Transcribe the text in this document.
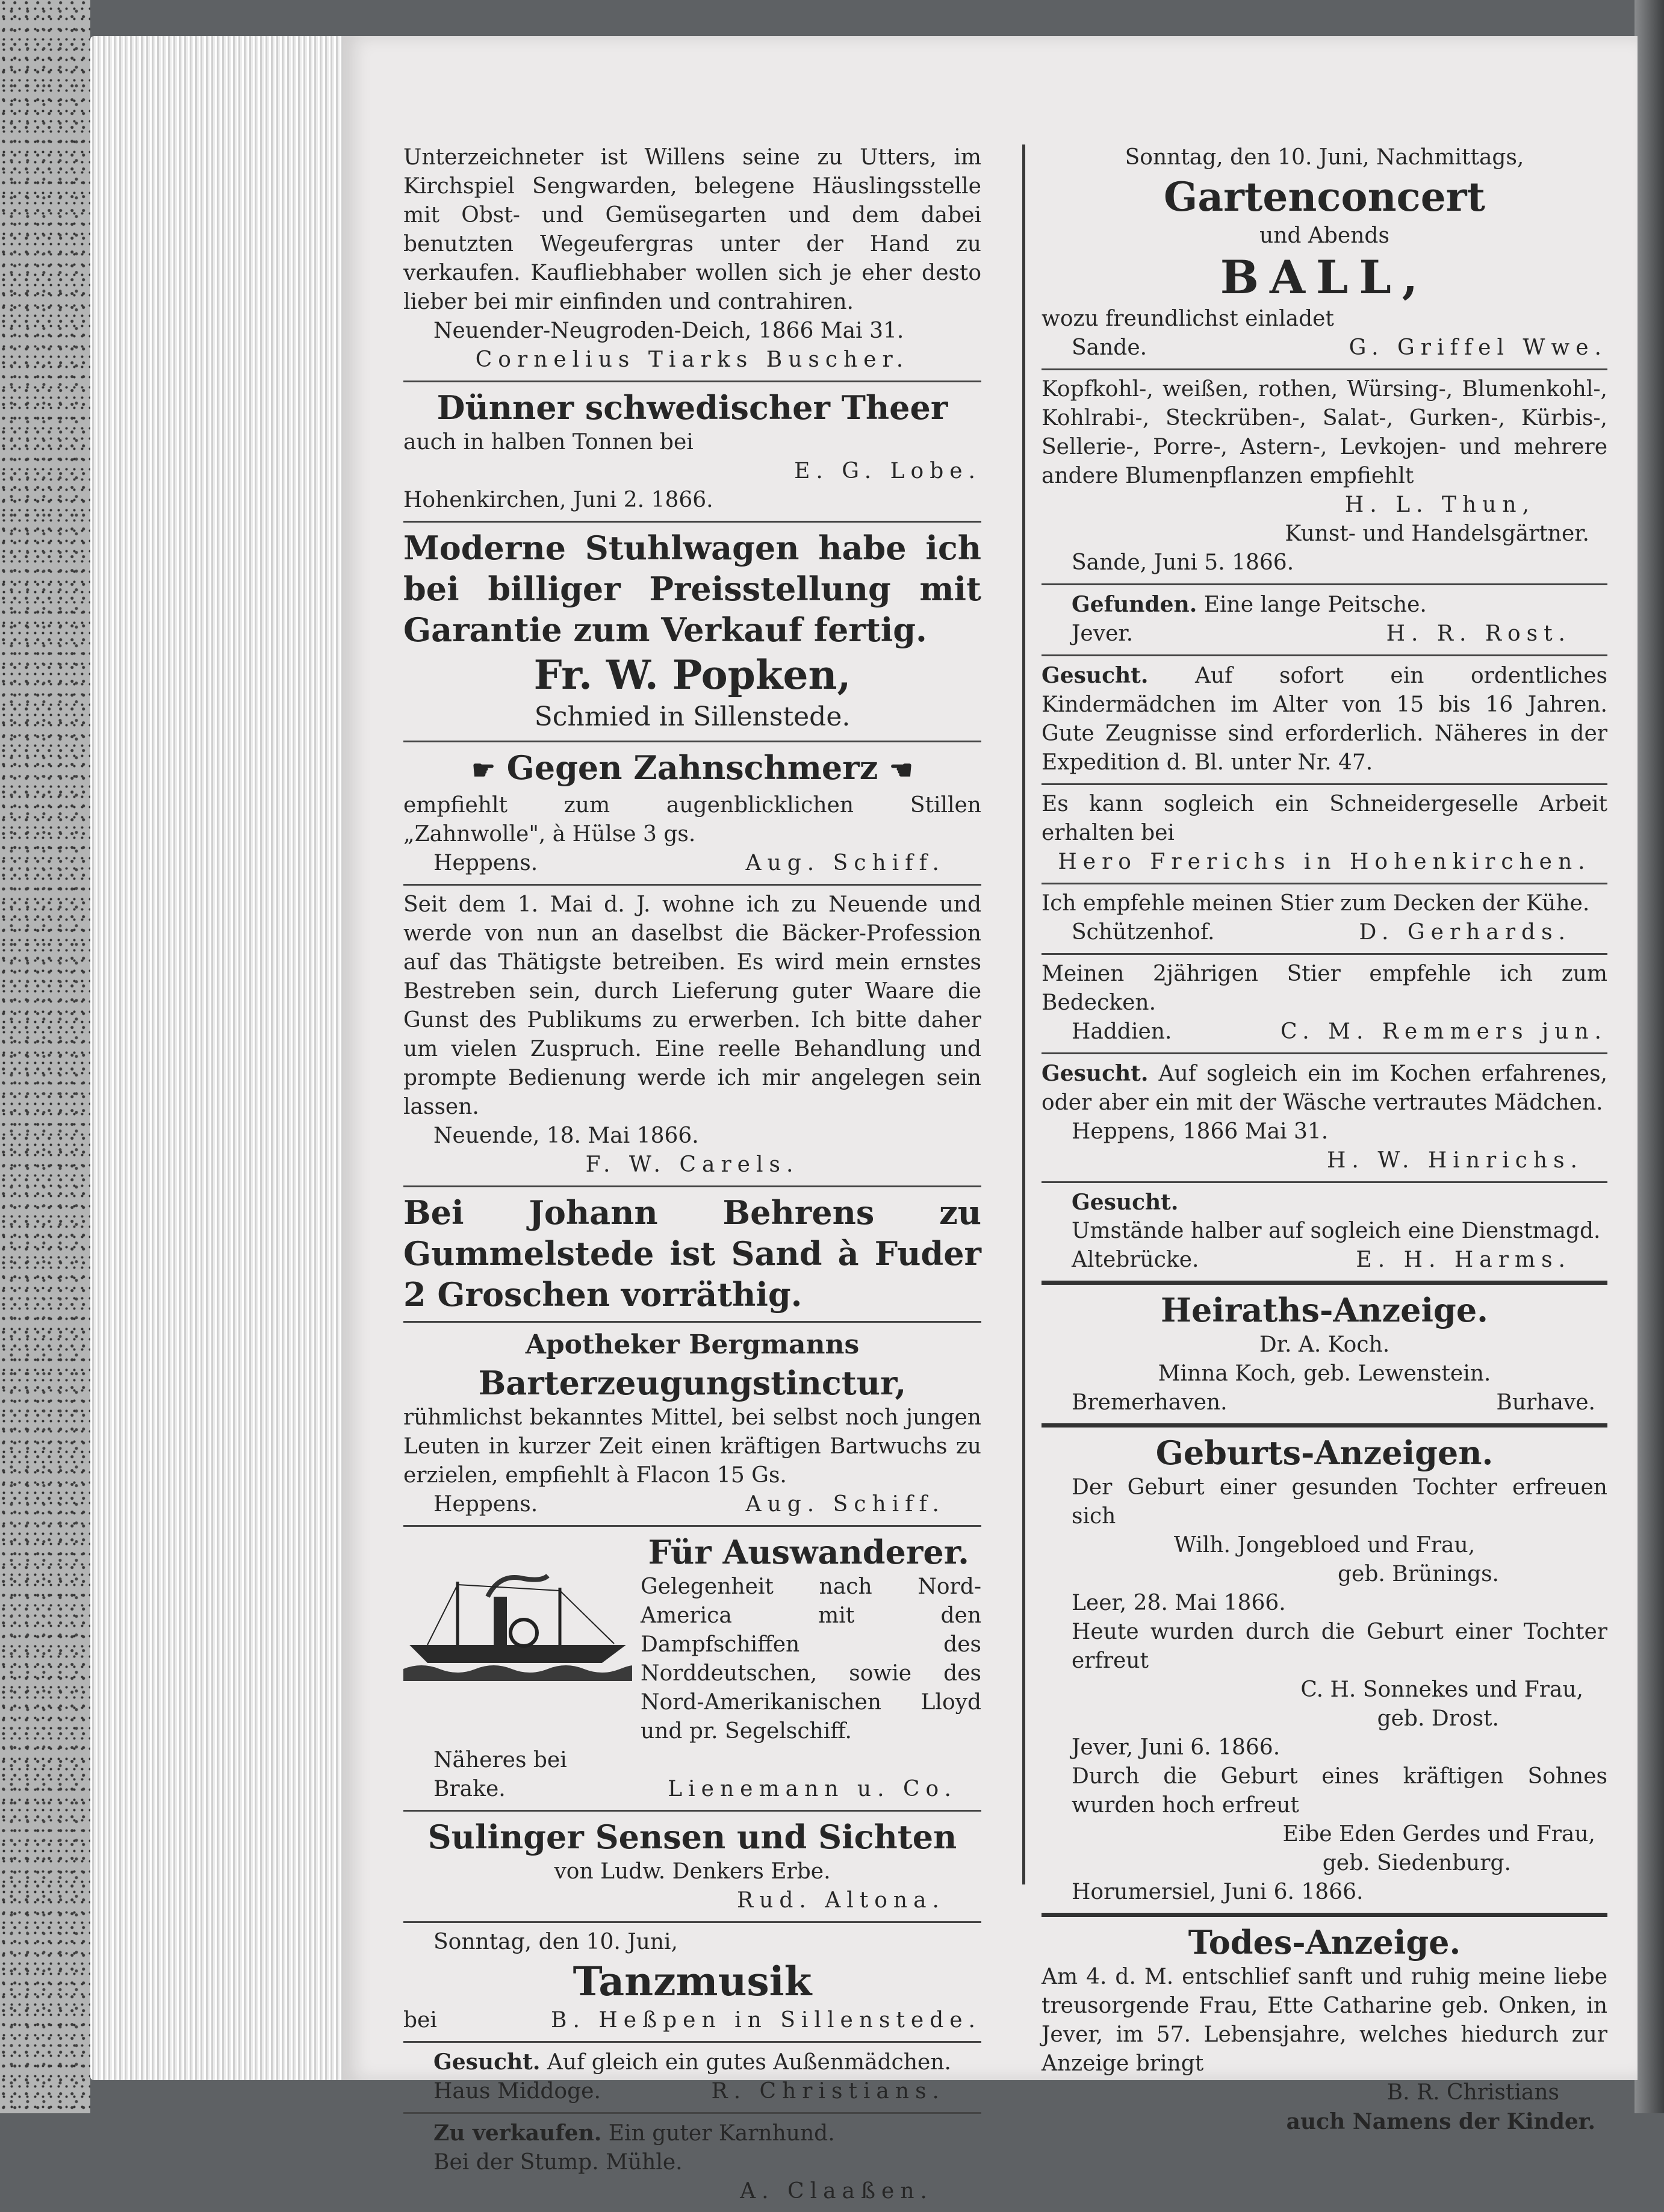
Unterzeichneter ist Willens seine zu Utters, im Kirchspiel Sengwarden, belegene Häuslingsstelle mit Obst- und Gemüsegarten und dem dabei benutzten Wegeufergras unter der Hand zu verkaufen. Kaufliebhaber wollen sich je eher desto lieber bei mir einfinden und contrahiren.

Neuender-Neugroden-Deich, 1866 Mai 31.

Cornelius Tiarks Buscher.

Dünner schwedischer Theer

auch in halben Tonnen bei

E. G. Lobe.

Hohenkirchen, Juni 2. 1866.

Moderne Stuhlwagen habe ich bei billiger Preisstellung mit Garantie zum Verkauf fertig.

Fr. W. Popken,

Schmied in Sillenstede.

☛ Gegen Zahnschmerz ☚

empfiehlt zum augenblicklichen Stillen „Zahnwolle", à Hülse 3 gs.

Heppens.	Aug. Schiff.

Seit dem 1. Mai d. J. wohne ich zu Neuende und werde von nun an daselbst die Bäcker-Profession auf das Thätigste betreiben. Es wird mein ernstes Bestreben sein, durch Lieferung guter Waare die Gunst des Publikums zu erwerben. Ich bitte daher um vielen Zuspruch. Eine reelle Behandlung und prompte Bedienung werde ich mir angelegen sein lassen.

Neuende, 18. Mai 1866.

F. W. Carels.

Bei Johann Behrens zu Gummelstede ist Sand à Fuder 2 Groschen vorräthig.

Apotheker Bergmanns

Barterzeugungstinctur,

rühmlichst bekanntes Mittel, bei selbst noch jungen Leuten in kurzer Zeit einen kräftigen Bartwuchs zu erzielen, empfiehlt à Flacon 15 Gs.

Heppens.	Aug. Schiff.

Für Auswanderer.

Gelegenheit nach Nord-America mit den Dampfschiffen des Norddeutschen, sowie des Nord-Amerikanischen Lloyd und pr. Segelschiff.

Näheres bei

Brake.	Lienemann u. Co.

Sulinger Sensen und Sichten

von Ludw. Denkers Erbe.

Rud. Altona.

Sonntag, den 10. Juni,

Tanzmusik

bei	B. Heßpen in Sillenstede.

Gesucht. Auf gleich ein gutes Außenmädchen.

Haus Middoge.	R. Christians.

Zu verkaufen. Ein guter Karnhund.

Bei der Stump. Mühle.

A. Claaßen.

Sonntag, den 10. Juni, Nachmittags,

Gartenconcert

und Abends

BALL,

wozu freundlichst einladet

Sande.	G. Griffel Wwe.

Kopfkohl-, weißen, rothen, Würsing-, Blumenkohl-, Kohlrabi-, Steckrüben-, Salat-, Gurken-, Kürbis-, Sellerie-, Porre-, Astern-, Levkojen- und mehrere andere Blumenpflanzen empfiehlt

H. L. Thun,

Kunst- und Handelsgärtner.

Sande, Juni 5. 1866.

Gefunden. Eine lange Peitsche.

Jever.	H. R. Rost.

Gesucht. Auf sofort ein ordentliches Kindermädchen im Alter von 15 bis 16 Jahren. Gute Zeugnisse sind erforderlich. Näheres in der Expedition d. Bl. unter Nr. 47.

Es kann sogleich ein Schneidergeselle Arbeit erhalten bei

Hero Frerichs in Hohenkirchen.

Ich empfehle meinen Stier zum Decken der Kühe.

Schützenhof.	D. Gerhards.

Meinen 2jährigen Stier empfehle ich zum Bedecken.

Haddien.	C. M. Remmers jun.

Gesucht. Auf sogleich ein im Kochen erfahrenes, oder aber ein mit der Wäsche vertrautes Mädchen.

Heppens, 1866 Mai 31.

H. W. Hinrichs.

Gesucht.

Umstände halber auf sogleich eine Dienstmagd.

Altebrücke.	E. H. Harms.

Heiraths-Anzeige.

Dr. A. Koch.

Minna Koch, geb. Lewenstein.

Bremerhaven.	Burhave.

Geburts-Anzeigen.

Der Geburt einer gesunden Tochter erfreuen sich

Wilh. Jongebloed und Frau,

geb. Brünings.

Leer, 28. Mai 1866.

Heute wurden durch die Geburt einer Tochter erfreut

C. H. Sonnekes und Frau,

geb. Drost.

Jever, Juni 6. 1866.

Durch die Geburt eines kräftigen Sohnes wurden hoch erfreut

Eibe Eden Gerdes und Frau,

geb. Siedenburg.

Horumersiel, Juni 6. 1866.

Todes-Anzeige.

Am 4. d. M. entschlief sanft und ruhig meine liebe treusorgende Frau, Ette Catharine geb. Onken, in Jever, im 57. Lebensjahre, welches hiedurch zur Anzeige bringt

B. R. Christians

auch Namens der Kinder.
